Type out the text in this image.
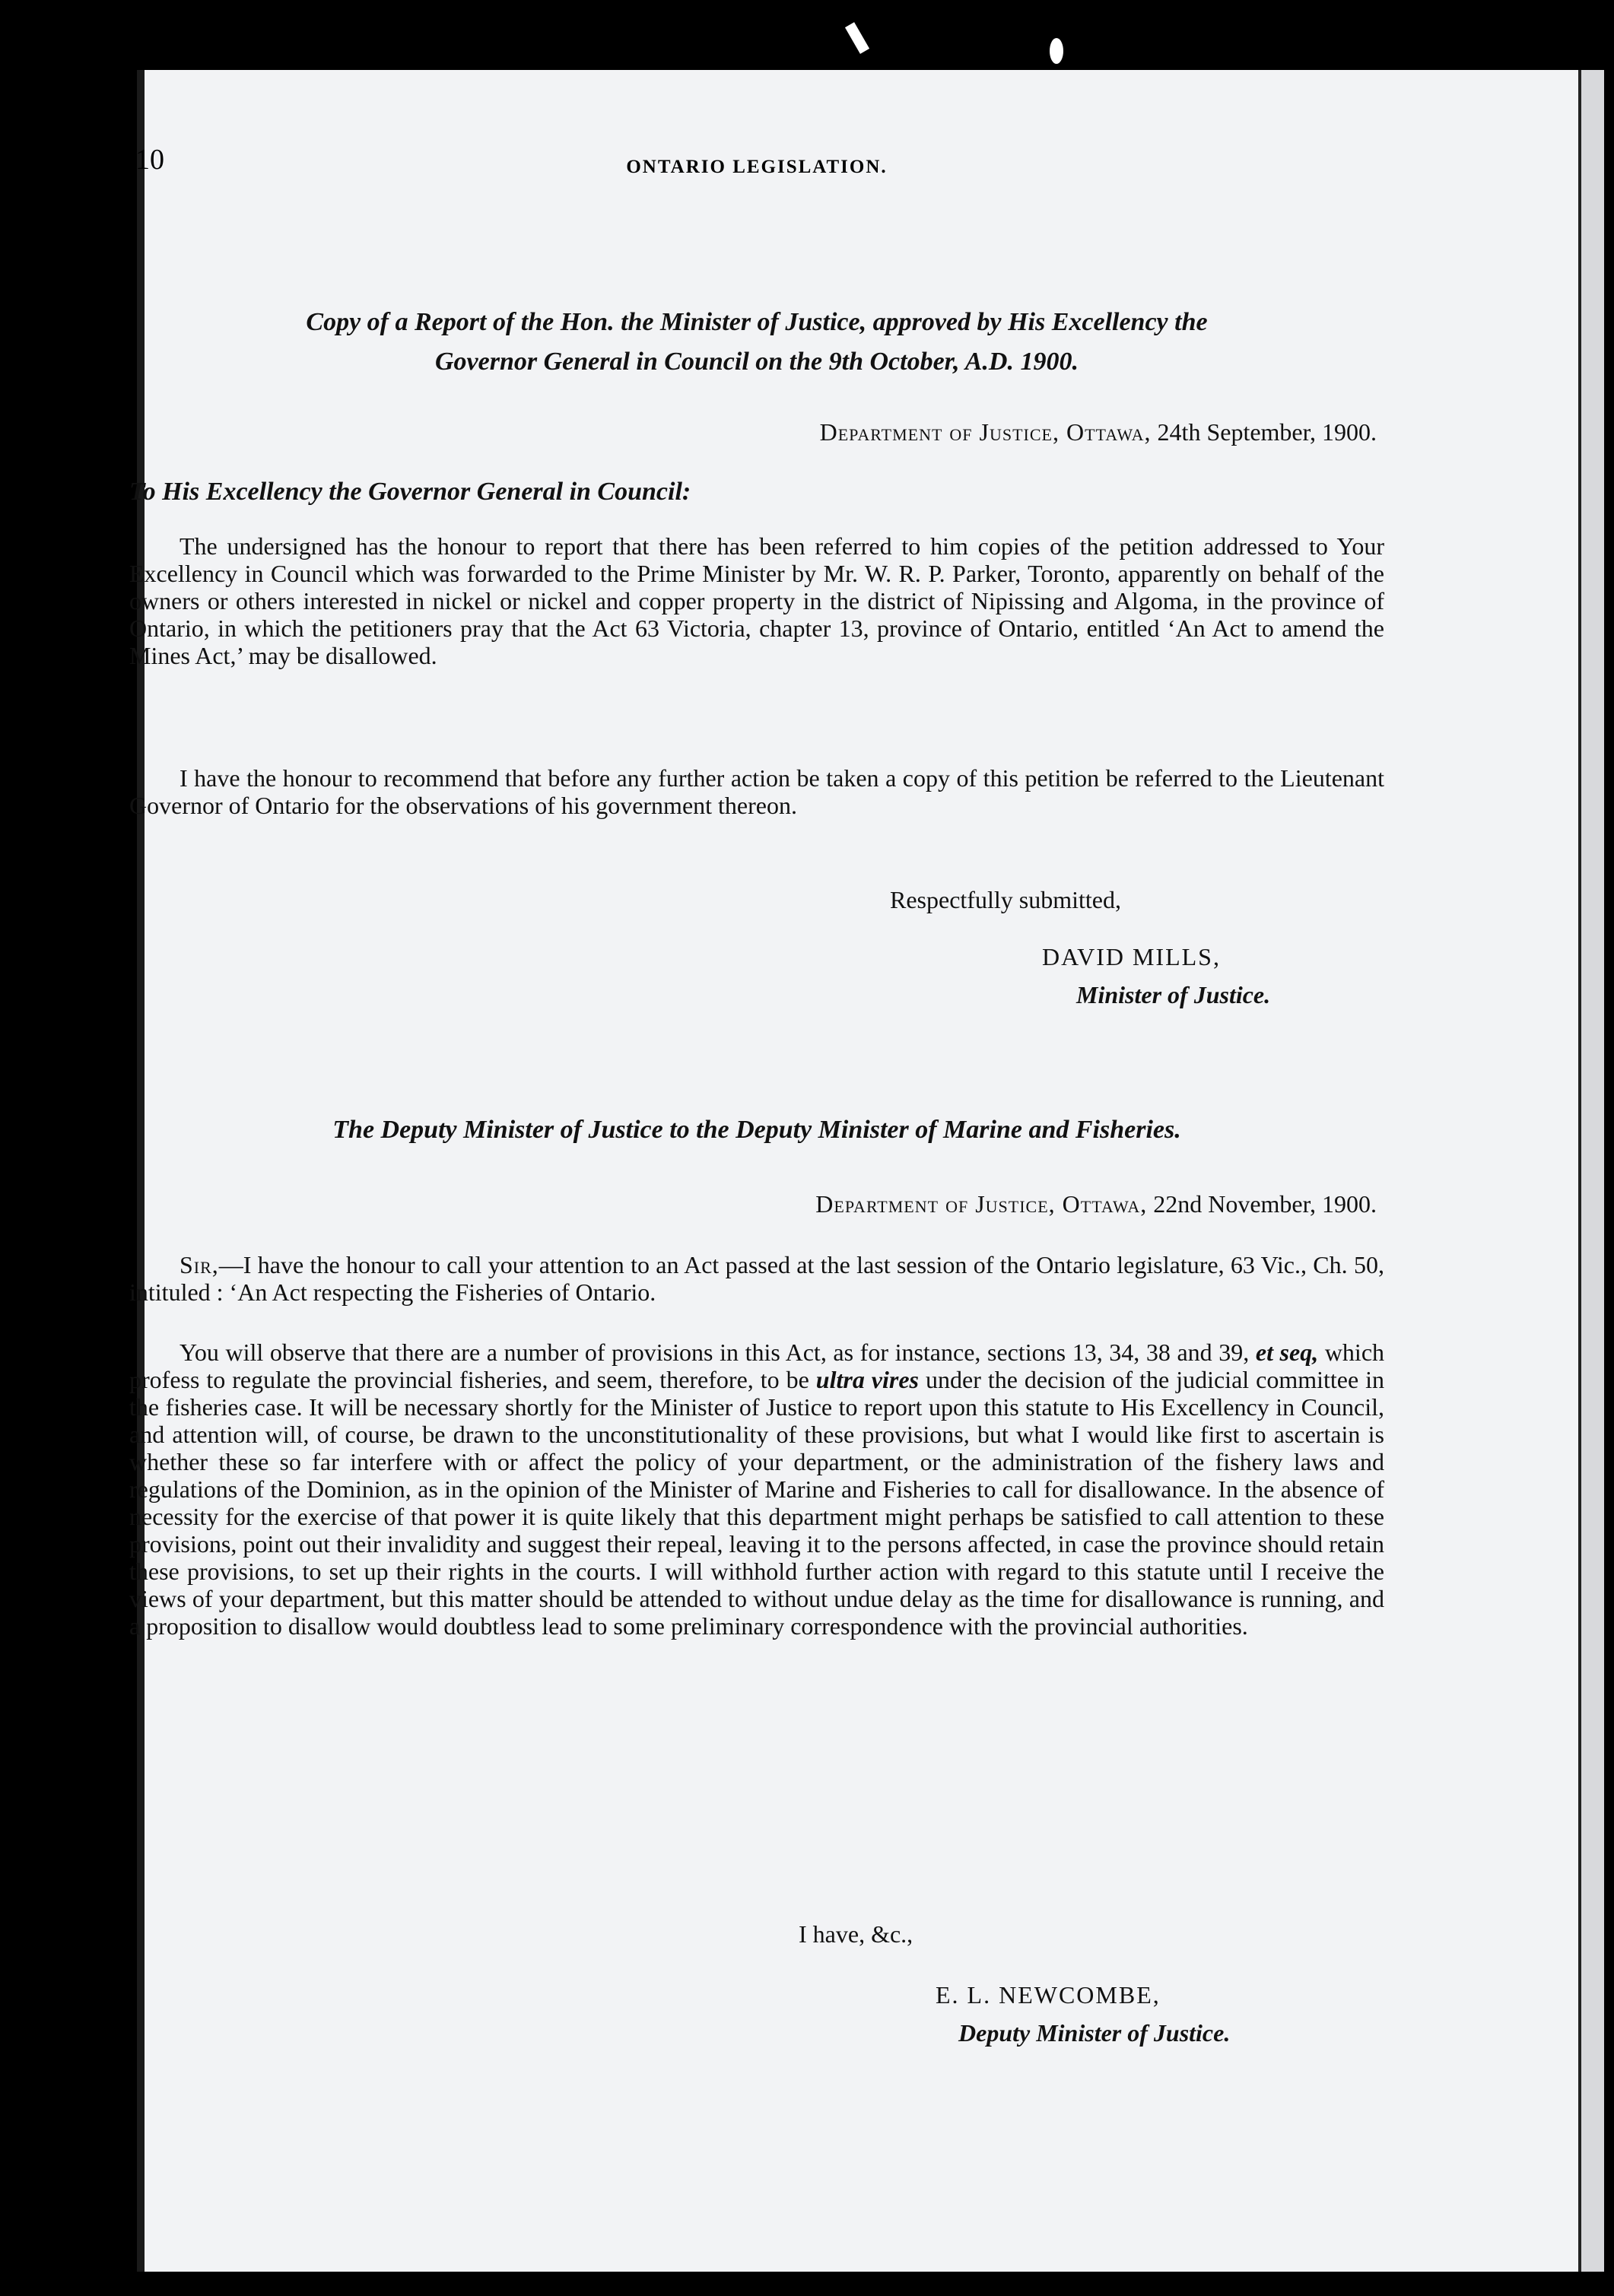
10	ONTARIO LEGISLATION.
Copy of a Report of the Hon. the Minister of Justice, approved by His Excellency the
Governor General in Council on the 9th October, A.D. 1900.
Department of Justice, Ottawa, 24th September, 1900.
To His Excellency the Governor General in Council:

The undersigned has the honour to report that there has been referred to him copies of the petition addressed to Your Excellency in Council which was forwarded to the Prime Minister by Mr. W. R. P. Parker, Toronto, apparently on behalf of the owners or others interested in nickel or nickel and copper property in the district of Nipissing and Algoma, in the province of Ontario, in which the petitioners pray that the Act 63 Victoria, chapter 13, province of Ontario, entitled ‘An Act to amend the Mines Act,’ may be disallowed.

I have the honour to recommend that before any further action be taken a copy of this petition be referred to the Lieutenant Governor of Ontario for the observations of his government thereon.

Respectfully submitted,
DAVID MILLS,
Minister of Justice.
The Deputy Minister of Justice to the Deputy Minister of Marine and Fisheries.
Department of Justice, Ottawa, 22nd November, 1900.

Sir,—I have the honour to call your attention to an Act passed at the last session of the Ontario legislature, 63 Vic., Ch. 50, intituled : ‘An Act respecting the Fisheries of Ontario.

You will observe that there are a number of provisions in this Act, as for instance, sections 13, 34, 38 and 39, et seq, which profess to regulate the provincial fisheries, and seem, therefore, to be ultra vires under the decision of the judicial committee in the fisheries case. It will be necessary shortly for the Minister of Justice to report upon this statute to His Excellency in Council, and attention will, of course, be drawn to the unconstitutionality of these provisions, but what I would like first to ascertain is whether these so far interfere with or affect the policy of your department, or the administration of the fishery laws and regulations of the Dominion, as in the opinion of the Minister of Marine and Fisheries to call for disallowance. In the absence of necessity for the exercise of that power it is quite likely that this department might perhaps be satisfied to call attention to these provisions, point out their invalidity and suggest their repeal, leaving it to the persons affected, in case the province should retain these provisions, to set up their rights in the courts. I will withhold further action with regard to this statute until I receive the views of your department, but this matter should be attended to without undue delay as the time for disallowance is running, and a proposition to disallow would doubtless lead to some preliminary correspondence with the provincial authorities.

I have, &c.,
E. L. NEWCOMBE,
Deputy Minister of Justice.
